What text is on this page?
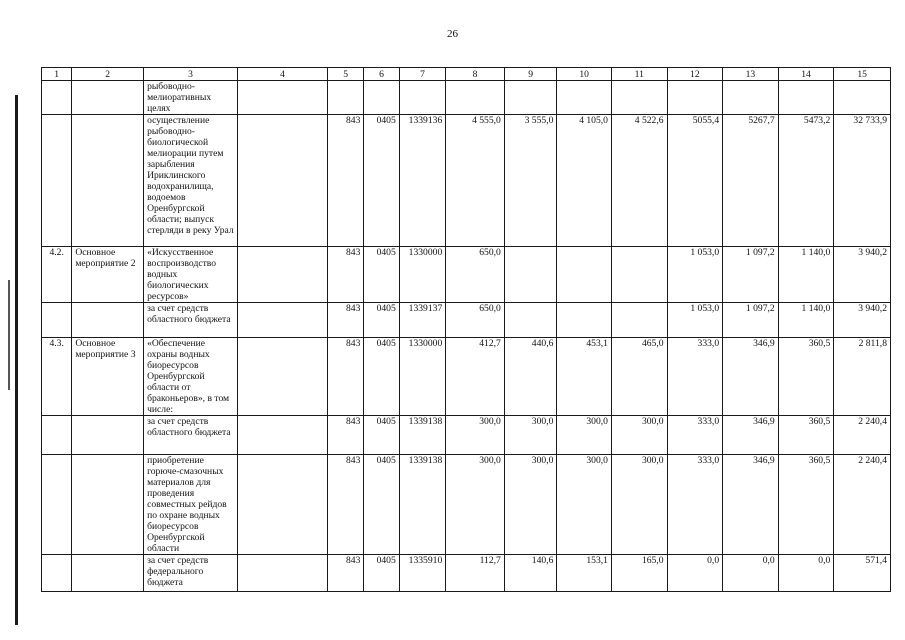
26
1	2	3	4	5	6	7	8	9	10	11	12	13	14	15
		рыбоводно-мелиоративных целях												
		осуществление рыбоводно-биологической мелиорации путем зарыбления Ириклинского водохранилища, водоемов Оренбургской области; выпуск стерляди в реку Урал		843	0405	1339136	4 555,0	3 555,0	4 105,0	4 522,6	5055,4	5267,7	5473,2	32 733,9
4.2.	Основное мероприятие 2	«Искусственное воспроизводство водных биологических ресурсов»		843	0405	1330000	650,0				1 053,0	1 097,2	1 140,0	3 940,2
		за счет средств областного бюджета		843	0405	1339137	650,0				1 053,0	1 097,2	1 140,0	3 940,2
4.3.	Основное мероприятие 3	«Обеспечение охраны водных биоресурсов Оренбургской области от браконьеров», в том числе:		843	0405	1330000	412,7	440,6	453,1	465,0	333,0	346,9	360,5	2 811,8
		за счет средств областного бюджета		843	0405	1339138	300,0	300,0	300,0	300,0	333,0	346,9	360,5	2 240,4
		приобретение горюче-смазочных материалов для проведения совместных рейдов по охране водных биоресурсов Оренбургской области		843	0405	1339138	300,0	300,0	300,0	300,0	333,0	346,9	360,5	2 240,4
		за счет средств федерального бюджета		843	0405	1335910	112,7	140,6	153,1	165,0	0,0	0,0	0,0	571,4
